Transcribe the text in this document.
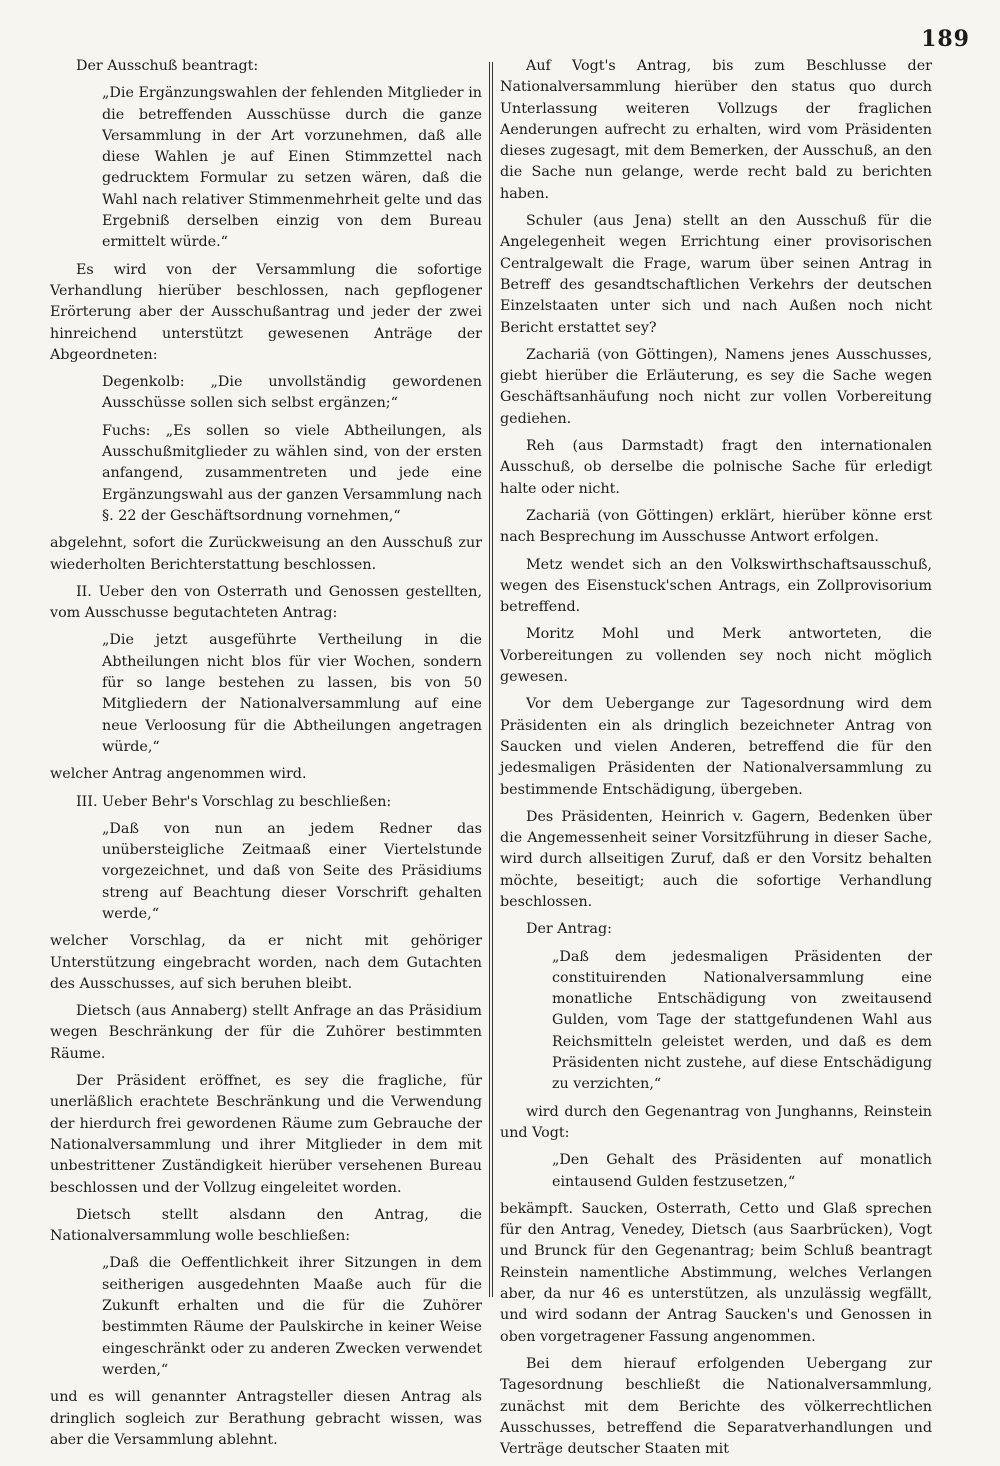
189

Der Ausschuß beantragt:

„Die Ergänzungswahlen der fehlenden Mitglieder in die betreffenden Ausschüsse durch die ganze Versammlung in der Art vorzunehmen, daß alle diese Wahlen je auf Einen Stimmzettel nach gedrucktem Formular zu setzen wären, daß die Wahl nach relativer Stimmenmehrheit gelte und das Ergebniß derselben einzig von dem Bureau ermittelt würde.“

Es wird von der Versammlung die sofortige Verhandlung hierüber beschlossen, nach gepflogener Erörterung aber der Ausschußantrag und jeder der zwei hinreichend unterstützt gewesenen Anträge der Abgeordneten:

Degenkolb: „Die unvollständig gewordenen Ausschüsse sollen sich selbst ergänzen;“

Fuchs: „Es sollen so viele Abtheilungen, als Ausschußmitglieder zu wählen sind, von der ersten anfangend, zusammentreten und jede eine Ergänzungswahl aus der ganzen Versammlung nach §. 22 der Geschäftsordnung vornehmen,“

abgelehnt, sofort die Zurückweisung an den Ausschuß zur wiederholten Berichterstattung beschlossen.

II. Ueber den von Osterrath und Genossen gestellten, vom Ausschusse begutachteten Antrag:

„Die jetzt ausgeführte Vertheilung in die Abtheilungen nicht blos für vier Wochen, sondern für so lange bestehen zu lassen, bis von 50 Mitgliedern der Nationalversammlung auf eine neue Verloosung für die Abtheilungen angetragen würde,“

welcher Antrag angenommen wird.

III. Ueber Behr's Vorschlag zu beschließen:

„Daß von nun an jedem Redner das unübersteigliche Zeitmaaß einer Viertelstunde vorgezeichnet, und daß von Seite des Präsidiums streng auf Beachtung dieser Vorschrift gehalten werde,“

welcher Vorschlag, da er nicht mit gehöriger Unterstützung eingebracht worden, nach dem Gutachten des Ausschusses, auf sich beruhen bleibt.

Dietsch (aus Annaberg) stellt Anfrage an das Präsidium wegen Beschränkung der für die Zuhörer bestimmten Räume.

Der Präsident eröffnet, es sey die fragliche, für unerläßlich erachtete Beschränkung und die Verwendung der hierdurch frei gewordenen Räume zum Gebrauche der Nationalversammlung und ihrer Mitglieder in dem mit unbestrittener Zuständigkeit hierüber versehenen Bureau beschlossen und der Vollzug eingeleitet worden.

Dietsch stellt alsdann den Antrag, die Nationalversammlung wolle beschließen:

„Daß die Oeffentlichkeit ihrer Sitzungen in dem seitherigen ausgedehnten Maaße auch für die Zukunft erhalten und die für die Zuhörer bestimmten Räume der Paulskirche in keiner Weise eingeschränkt oder zu anderen Zwecken verwendet werden,“

und es will genannter Antragsteller diesen Antrag als dringlich sogleich zur Berathung gebracht wissen, was aber die Versammlung ablehnt.

Auf Vogt's Antrag, bis zum Beschlusse der Nationalversammlung hierüber den status quo durch Unterlassung weiteren Vollzugs der fraglichen Aenderungen aufrecht zu erhalten, wird vom Präsidenten dieses zugesagt, mit dem Bemerken, der Ausschuß, an den die Sache nun gelange, werde recht bald zu berichten haben.

Schuler (aus Jena) stellt an den Ausschuß für die Angelegenheit wegen Errichtung einer provisorischen Centralgewalt die Frage, warum über seinen Antrag in Betreff des gesandtschaftlichen Verkehrs der deutschen Einzelstaaten unter sich und nach Außen noch nicht Bericht erstattet sey?

Zachariä (von Göttingen), Namens jenes Ausschusses, giebt hierüber die Erläuterung, es sey die Sache wegen Geschäftsanhäufung noch nicht zur vollen Vorbereitung gediehen.

Reh (aus Darmstadt) fragt den internationalen Ausschuß, ob derselbe die polnische Sache für erledigt halte oder nicht.

Zachariä (von Göttingen) erklärt, hierüber könne erst nach Besprechung im Ausschusse Antwort erfolgen.

Metz wendet sich an den Volkswirthschaftsausschuß, wegen des Eisenstuck'schen Antrags, ein Zollprovisorium betreffend.

Moritz Mohl und Merk antworteten, die Vorbereitungen zu vollenden sey noch nicht möglich gewesen.

Vor dem Uebergange zur Tagesordnung wird dem Präsidenten ein als dringlich bezeichneter Antrag von Saucken und vielen Anderen, betreffend die für den jedesmaligen Präsidenten der Nationalversammlung zu bestimmende Entschädigung, übergeben.

Des Präsidenten, Heinrich v. Gagern, Bedenken über die Angemessenheit seiner Vorsitzführung in dieser Sache, wird durch allseitigen Zuruf, daß er den Vorsitz behalten möchte, beseitigt; auch die sofortige Verhandlung beschlossen.

Der Antrag:

„Daß dem jedesmaligen Präsidenten der constituirenden Nationalversammlung eine monatliche Entschädigung von zweitausend Gulden, vom Tage der stattgefundenen Wahl aus Reichsmitteln geleistet werden, und daß es dem Präsidenten nicht zustehe, auf diese Entschädigung zu verzichten,“

wird durch den Gegenantrag von Junghanns, Reinstein und Vogt:

„Den Gehalt des Präsidenten auf monatlich eintausend Gulden festzusetzen,“

bekämpft. Saucken, Osterrath, Cetto und Glaß sprechen für den Antrag, Venedey, Dietsch (aus Saarbrücken), Vogt und Brunck für den Gegenantrag; beim Schluß beantragt Reinstein namentliche Abstimmung, welches Verlangen aber, da nur 46 es unterstützen, als unzulässig wegfällt, und wird sodann der Antrag Saucken's und Genossen in oben vorgetragener Fassung angenommen.

Bei dem hierauf erfolgenden Uebergang zur Tagesordnung beschließt die Nationalversammlung, zunächst mit dem Berichte des völkerrechtlichen Ausschusses, betreffend die Separatverhandlungen und Verträge deutscher Staaten mit
